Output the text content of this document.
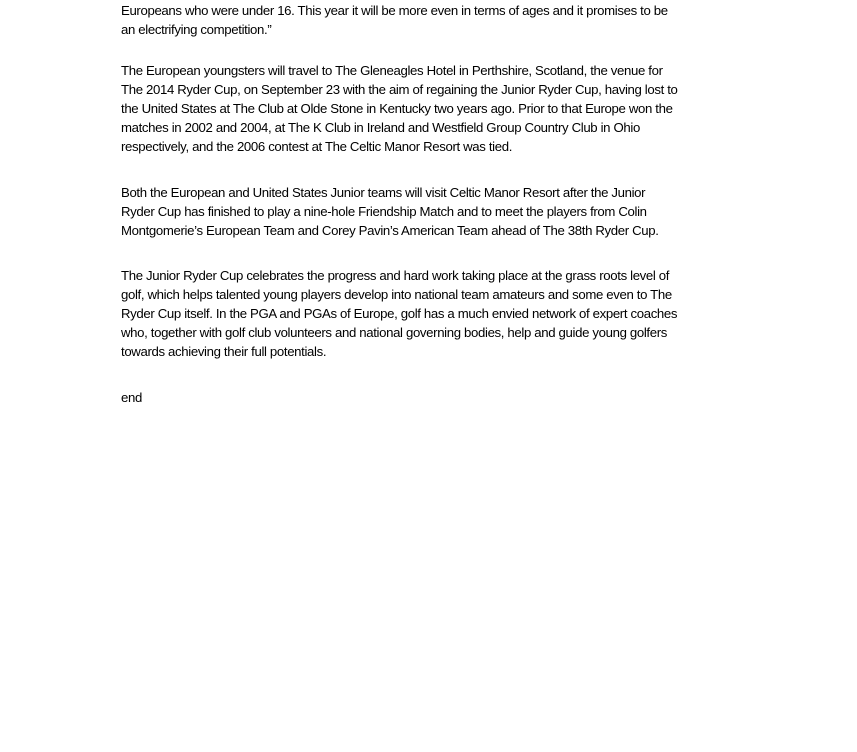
Europeans who were under 16. This year it will be more even in terms of ages and it promises to be
an electrifying competition.”

The European youngsters will travel to The Gleneagles Hotel in Perthshire, Scotland, the venue for
The 2014 Ryder Cup, on September 23 with the aim of regaining the Junior Ryder Cup, having lost to
the United States at The Club at Olde Stone in Kentucky two years ago. Prior to that Europe won the
matches in 2002 and 2004, at The K Club in Ireland and Westfield Group Country Club in Ohio
respectively, and the 2006 contest at The Celtic Manor Resort was tied.

Both the European and United States Junior teams will visit Celtic Manor Resort after the Junior
Ryder Cup has finished to play a nine-hole Friendship Match and to meet the players from Colin
Montgomerie’s European Team and Corey Pavin’s American Team ahead of The 38th Ryder Cup.

The Junior Ryder Cup celebrates the progress and hard work taking place at the grass roots level of
golf, which helps talented young players develop into national team amateurs and some even to The
Ryder Cup itself. In the PGA and PGAs of Europe, golf has a much envied network of expert coaches
who, together with golf club volunteers and national governing bodies, help and guide young golfers
towards achieving their full potentials.

end
